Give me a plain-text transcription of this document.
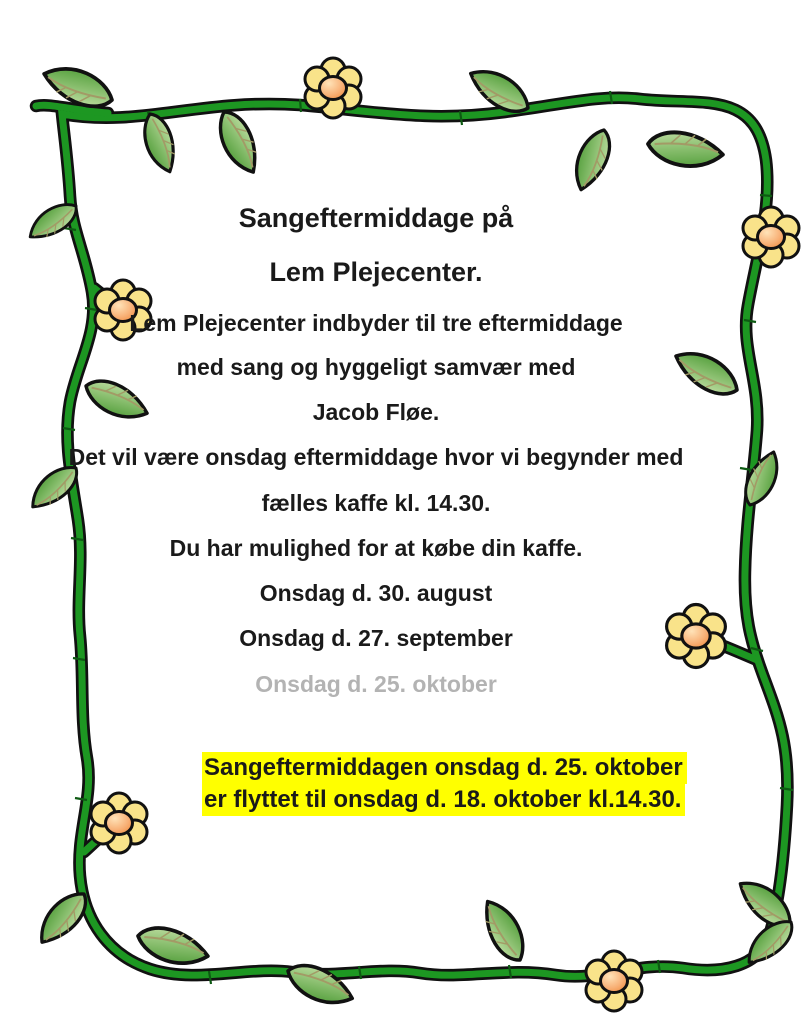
Sangeftermiddage på
Lem Plejecenter.
Lem Plejecenter indbyder til tre eftermiddage
med sang og hyggeligt samvær med
Jacob Fløe.
Det vil være onsdag eftermiddage hvor vi begynder med
fælles kaffe kl. 14.30.
Du har mulighed for at købe din kaffe.
Onsdag d. 30. august
Onsdag d. 27. september
Onsdag d. 25. oktober
Sangeftermiddagen onsdag d. 25. oktober
er flyttet til onsdag d. 18. oktober kl.14.30.
